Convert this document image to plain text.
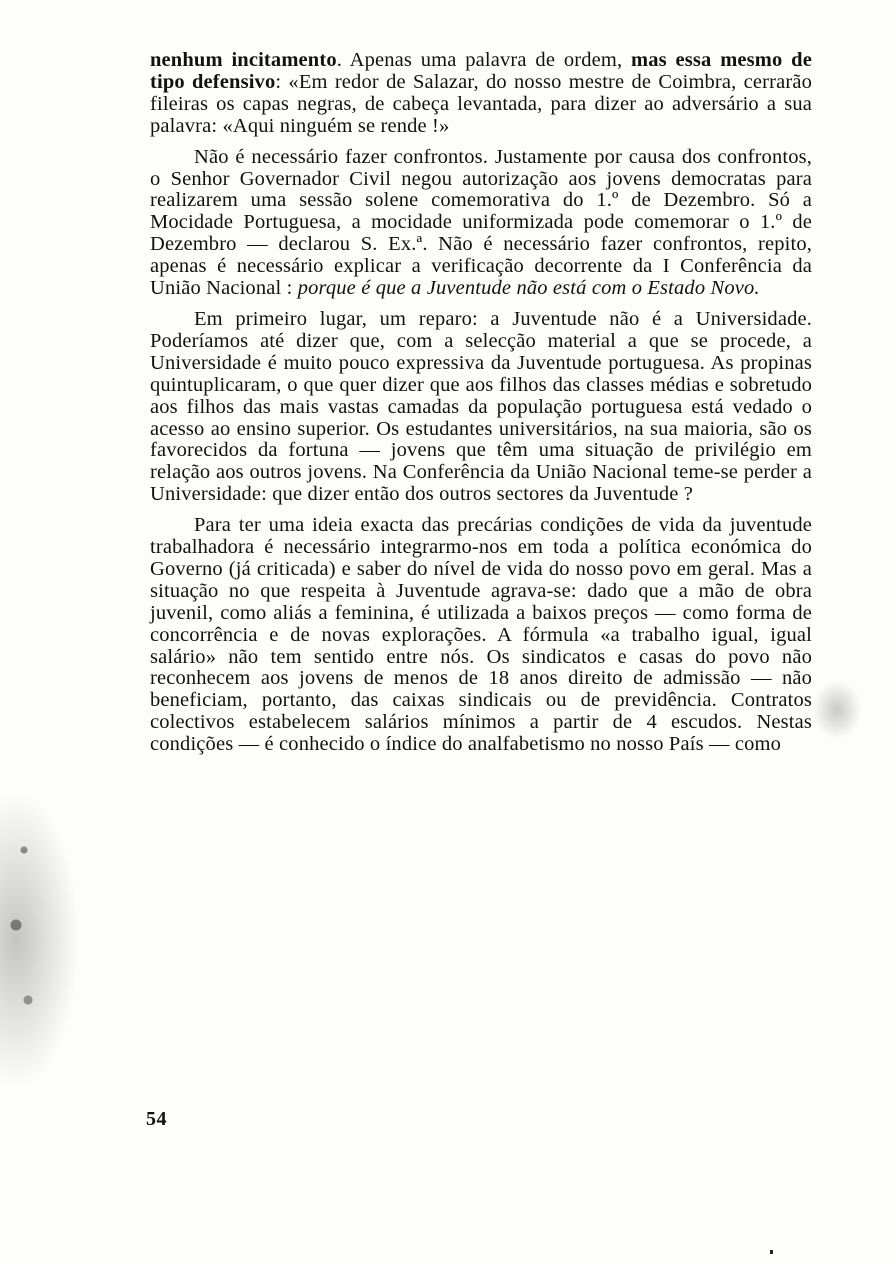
nenhum incitamento. Apenas uma palavra de ordem, mas essa mesmo de tipo defensivo: «Em redor de Salazar, do nosso mestre de Coimbra, cerrarão fileiras os capas negras, de cabeça levantada, para dizer ao adversário a sua palavra: «Aqui ninguém se rende !»

Não é necessário fazer confrontos. Justamente por causa dos confrontos, o Senhor Governador Civil negou autorização aos jovens democratas para realizarem uma sessão solene comemorativa do 1.º de Dezembro. Só a Mocidade Portuguesa, a mocidade uniformizada pode comemorar o 1.º de Dezembro — declarou S. Ex.ª. Não é necessário fazer confrontos, repito, apenas é necessário explicar a verificação decorrente da I Conferência da União Nacional : porque é que a Juventude não está com o Estado Novo.

Em primeiro lugar, um reparo: a Juventude não é a Universidade. Poderíamos até dizer que, com a selecção material a que se procede, a Universidade é muito pouco expressiva da Juventude portuguesa. As propinas quintuplicaram, o que quer dizer que aos filhos das classes médias e sobretudo aos filhos das mais vastas camadas da população portuguesa está vedado o acesso ao ensino superior. Os estudantes universitários, na sua maioria, são os favorecidos da fortuna — jovens que têm uma situação de privilégio em relação aos outros jovens. Na Conferência da União Nacional teme-se perder a Universidade: que dizer então dos outros sectores da Juventude ?

Para ter uma ideia exacta das precárias condições de vida da juventude trabalhadora é necessário integrarmo-nos em toda a política económica do Governo (já criticada) e saber do nível de vida do nosso povo em geral. Mas a situação no que respeita à Juventude agrava-se: dado que a mão de obra juvenil, como aliás a feminina, é utilizada a baixos preços — como forma de concorrência e de novas explorações. A fórmula «a trabalho igual, igual salário» não tem sentido entre nós. Os sindicatos e casas do povo não reconhecem aos jovens de menos de 18 anos direito de admissão — não beneficiam, portanto, das caixas sindicais ou de previdência. Contratos colectivos estabelecem salários mínimos a partir de 4 escudos. Nestas condições — é conhecido o índice do analfabetismo no nosso País — como

54
